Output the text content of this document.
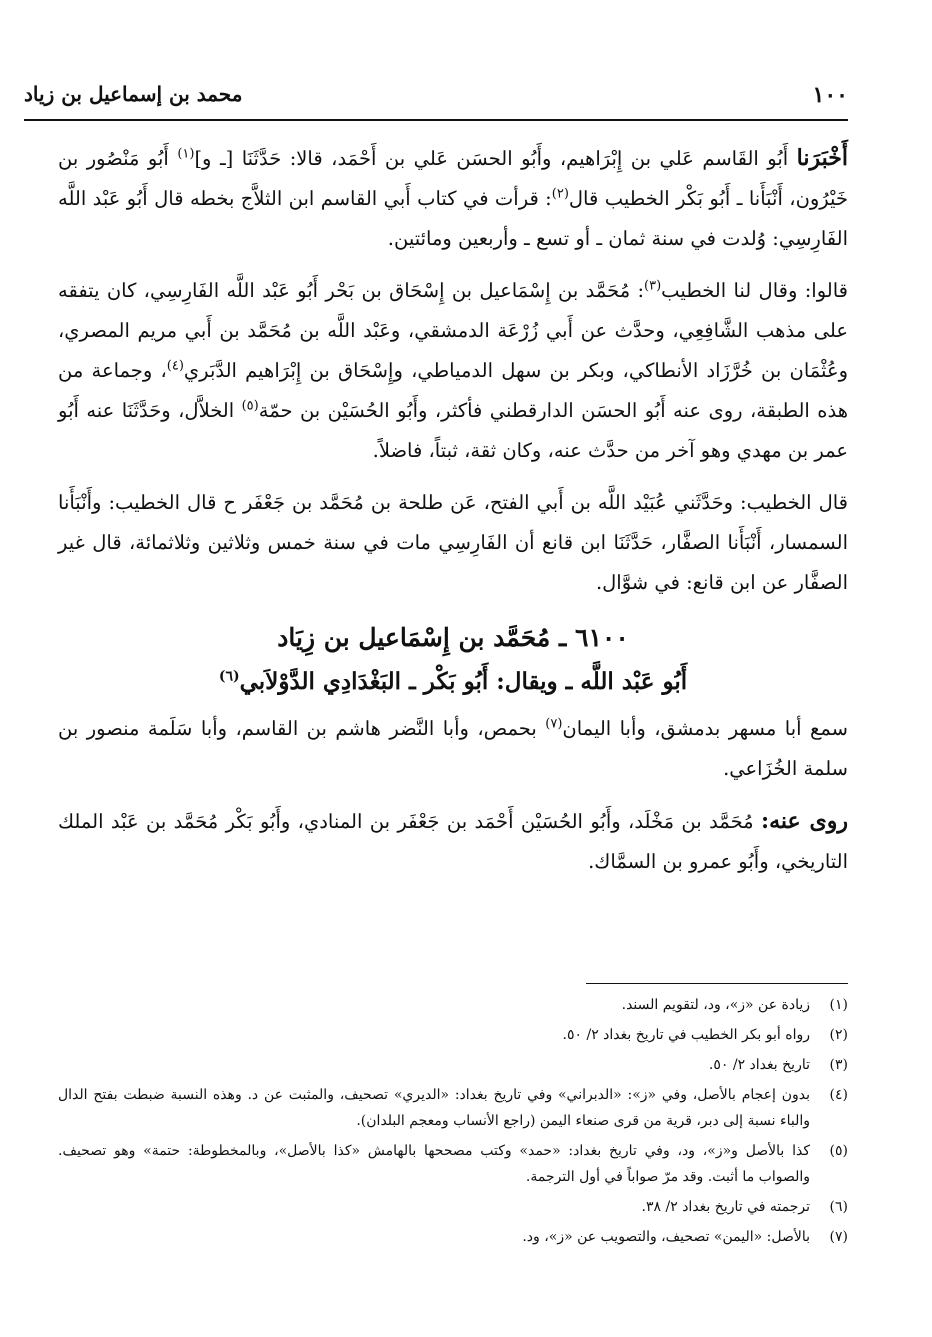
١٠٠
محمد بن إسماعيل بن زياد

أَخْبَرَنا أَبُو القَاسم عَلي بن إِبْرَاهيم، وأَبُو الحسَن عَلي بن أَحْمَد، قالا: حَدَّثَنَا [ـ و]$^{(١)}$ أَبُو مَنْصُور بن خَيْرُون، أَنْبَأَنا ـ أَبُو بَكْر الخطيب قال$^{(٢)}$: قرأت في كتاب أَبي القاسم ابن الثلاَّج بخطه قال أَبُو عَبْد اللَّه الفَارِسِي: وُلدت في سنة ثمان ـ أو تسع ـ وأربعين ومائتين.

قالوا: وقال لنا الخطيب$^{(٣)}$: مُحَمَّد بن إِسْمَاعيل بن إِسْحَاق بن بَحْر أَبُو عَبْد اللَّه الفَارِسِي، كان يتفقه على مذهب الشَّافِعِي، وحدَّث عن أَبي زُرْعَة الدمشقي، وعَبْد اللَّه بن مُحَمَّد بن أَبي مريم المصري، وعُثْمَان بن خُرَّزَاد الأنطاكي، وبكر بن سهل الدمياطي، وإِسْحَاق بن إِبْرَاهيم الدَّبَري$^{(٤)}$، وجماعة من هذه الطبقة، روى عنه أَبُو الحسَن الدارقطني فأكثر، وأَبُو الحُسَيْن بن حمّة$^{(٥)}$ الخلاَّل، وحَدَّثَنَا عنه أَبُو عمر بن مهدي وهو آخر من حدَّث عنه، وكان ثقة، ثبتاً، فاضلاً.

قال الخطيب: وحَدَّثَني عُبَيْد اللَّه بن أَبي الفتح، عَن طلحة بن مُحَمَّد بن جَعْفَر ح قال الخطيب: وأَنْبَأَنا السمسار، أَنْبَأَنا الصفَّار، حَدَّثَنَا ابن قانع أن الفَارِسِي مات في سنة خمس وثلاثين وثلاثمائة، قال غير الصفَّار عن ابن قانع: في شوَّال.

٦١٠٠ ـ مُحَمَّد بن إِسْمَاعيل بن زِيَاد
أَبُو عَبْد اللَّه ـ ويقال: أَبُو بَكْر ـ البَغْدَادِي الدَّوْلاَبي$^{(٦)}$

سمع أبا مسهر بدمشق، وأبا اليمان$^{(٧)}$ بحمص، وأبا النَّضر هاشم بن القاسم، وأبا سَلَمة منصور بن سلمة الخُزَاعي.

روى عنه: مُحَمَّد بن مَخْلَد، وأَبُو الحُسَيْن أَحْمَد بن جَعْفَر بن المنادي، وأَبُو بَكْر مُحَمَّد بن عَبْد الملك التاريخي، وأَبُو عمرو بن السمَّاك.

(١)
زيادة عن «ز»، ود، لتقويم السند.
(٢)
رواه أبو بكر الخطيب في تاريخ بغداد ٢/ ٥٠.
(٣)
تاريخ بغداد ٢/ ٥٠.
(٤)
بدون إعجام بالأصل، وفي «ز»: «الدبراني» وفي تاريخ بغداد: «الديري» تصحيف، والمثبت عن د. وهذه النسبة ضبطت بفتح الدال والباء نسبة إلى دبر، قرية من قرى صنعاء اليمن (راجع الأنساب ومعجم البلدان).
(٥)
كذا بالأصل و«ز»، ود، وفي تاريخ بغداد: «حمد» وكتب مصححها بالهامش «كذا بالأصل»، وبالمخطوطة: حتمة» وهو تصحيف. والصواب ما أثبت. وقد مرّ صواباً في أول الترجمة.
(٦)
ترجمته في تاريخ بغداد ٢/ ٣٨.
(٧)
بالأصل: «اليمن» تصحيف، والتصويب عن «ز»، ود.
